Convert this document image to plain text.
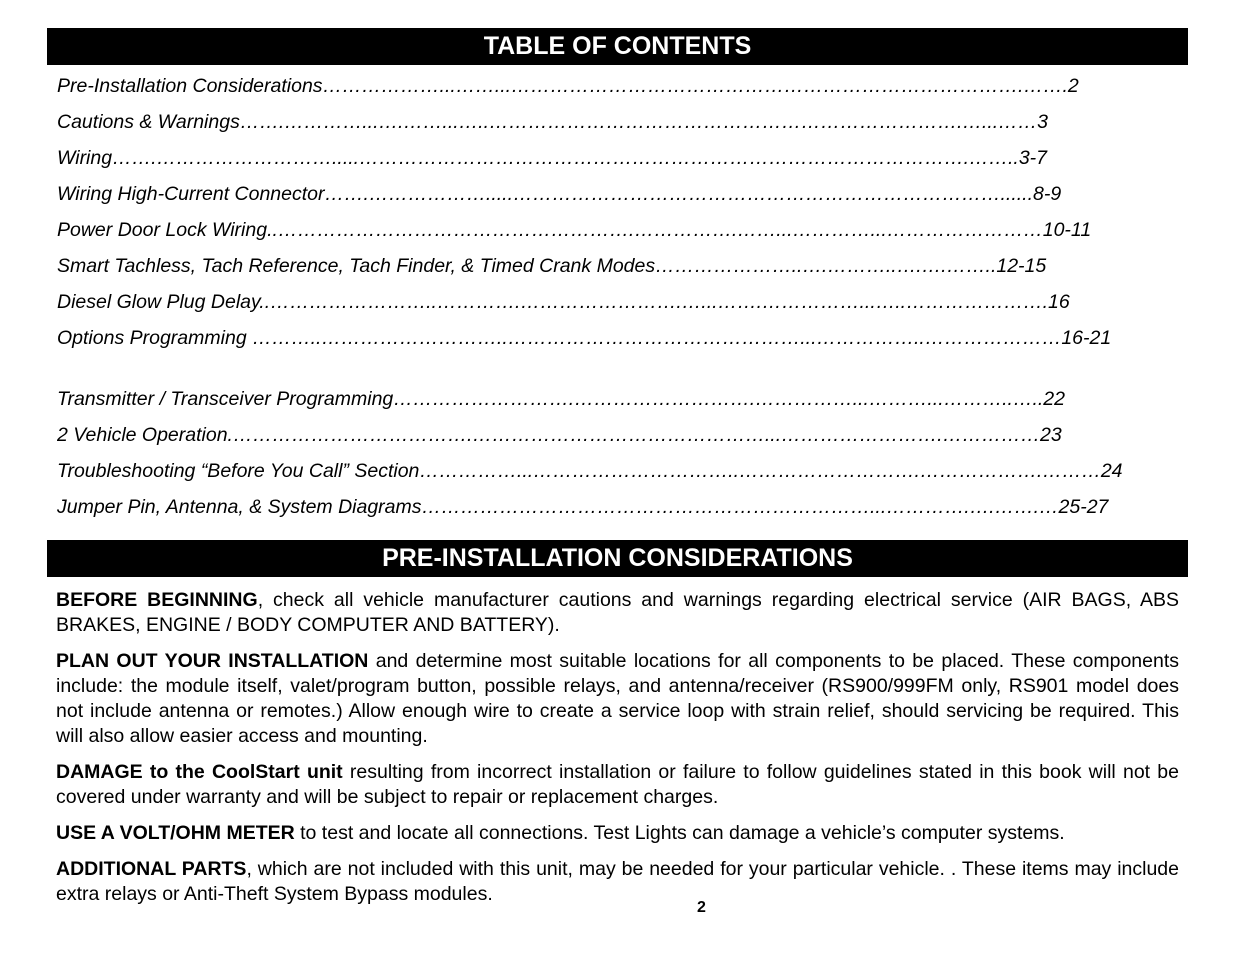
TABLE OF CONTENTS
Pre-Installation Considerations………………...……...…………………………………………………………………….…….2
Cautions & Warnings…….…………...….……...…..……………………………………………………………….…...……3
Wiring…….……………………….....………………………………………………………………………………….……..3-7
Wiring High-Current Connector…….……………….....…………………………………………………………………......8-9
Power Door Lock Wiring..……………………………………………….…………….……...…………...……………………10-11
Smart Tachless, Tach Reference, Tach Finder, & Timed Crank Modes…………………..….………..….….……..12-15
Diesel Glow Plug Delay..……………………..………….…………………….…...…….……………...…..………………….16
Options Programming ………..………………………..………………………………………...……………..…………………16-21
Transmitter / Transceiver Programming……………………….……………………….……………...………...………..…..22
2 Vehicle Operation.……………………………….………………………………………...…………………….……………23
Troubleshooting “Before You Call” Section……………...…………………………..……………………….……………….………24
Jumper Pin, Antenna, & System Diagrams……………………………………………………………...………….….…….…25-27
PRE-INSTALLATION CONSIDERATIONS

BEFORE BEGINNING, check all vehicle manufacturer cautions and warnings regarding electrical service (AIR BAGS, ABS BRAKES, ENGINE / BODY COMPUTER AND BATTERY).

PLAN OUT YOUR INSTALLATION and determine most suitable locations for all components to be placed. These components include: the module itself, valet/program button, possible relays, and antenna/receiver (RS900/999FM only, RS901 model does not include antenna or remotes.) Allow enough wire to create a service loop with strain relief, should servicing be required. This will also allow easier access and mounting.

DAMAGE to the CoolStart unit resulting from incorrect installation or failure to follow guidelines stated in this book will not be covered under warranty and will be subject to repair or replacement charges.

USE A VOLT/OHM METER to test and locate all connections. Test Lights can damage a vehicle’s computer systems.

ADDITIONAL PARTS, which are not included with this unit, may be needed for your particular vehicle. . These items may include extra relays or Anti-Theft System Bypass modules.

2
